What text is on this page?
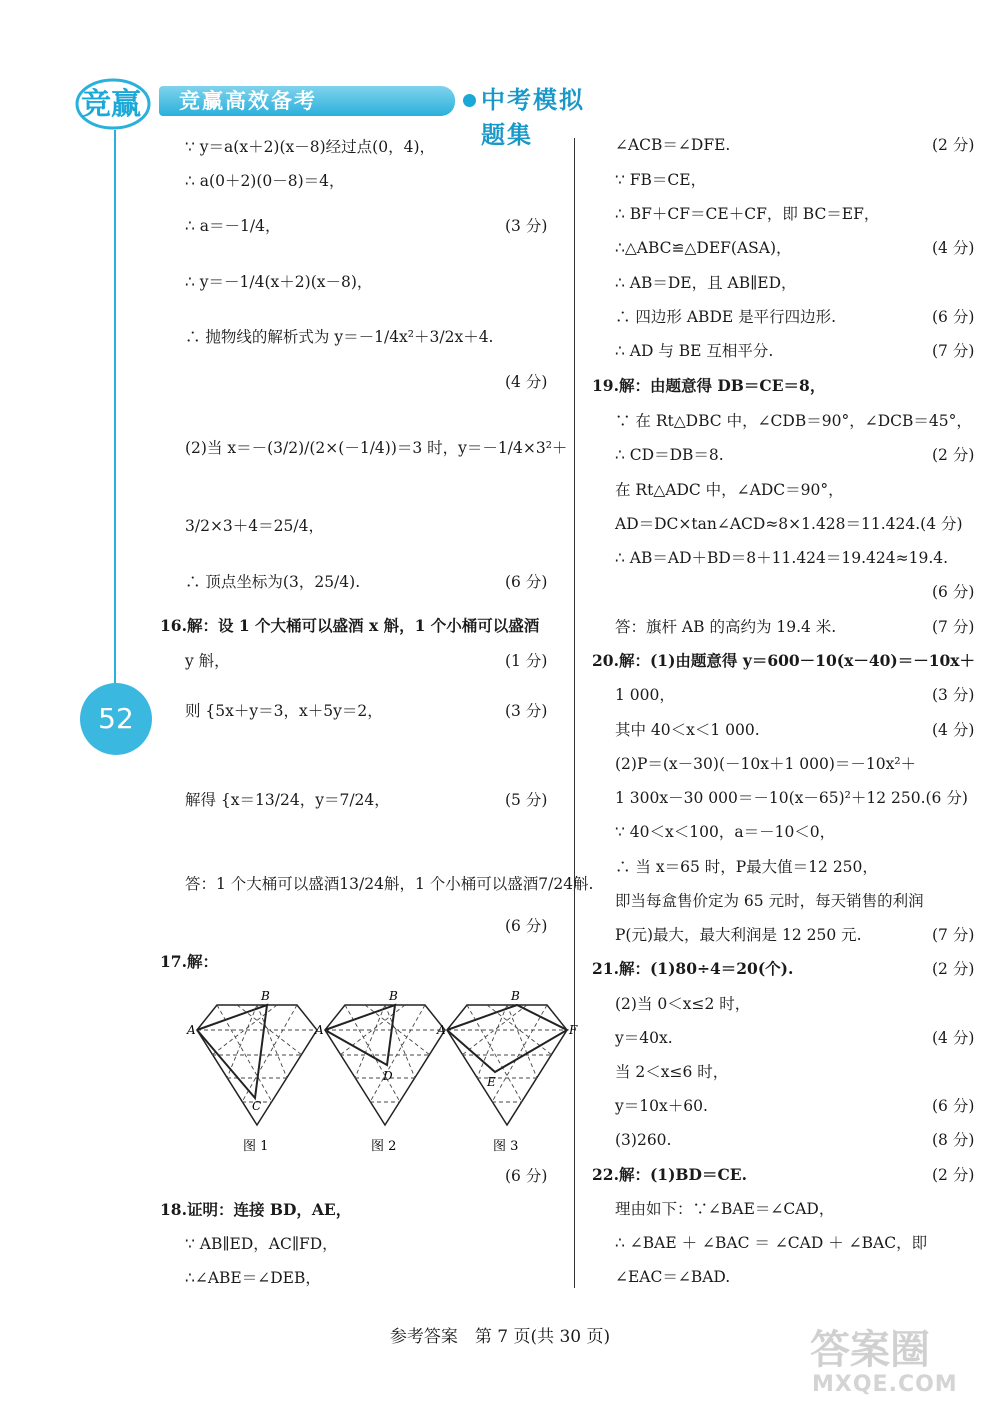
竞赢	竞赢高效备考	中考模拟题集
52
∵ y＝a(x＋2)(x－8)经过点(0，4)，
∴ a(0＋2)(0－8)＝4，
∴ a＝－1/4，	(3 分)
∴ y＝－1/4(x＋2)(x－8)，
∴ 抛物线的解析式为 y＝－1/4x²＋3/2x＋4.
(4 分)
(2)当 x＝－(3/2)/(2×(－1/4))＝3 时，y＝－1/4×3²＋
3/2×3＋4＝25/4，
∴ 顶点坐标为(3，25/4).	(6 分)
16.解：设 1 个大桶可以盛酒 x 斛，1 个小桶可以盛酒
y 斛，	(1 分)
则 {5x＋y＝3，x＋5y＝2，	(3 分)
解得 {x＝13/24，y＝7/24，	(5 分)
答：1 个大桶可以盛酒13/24斛，1 个小桶可以盛酒7/24斛.
(6 分)
17.解：
(6 分)
18.证明：连接 BD，AE，
∵ AB∥ED，AC∥FD，
∴∠ABE＝∠DEB，
∠ACB＝∠DFE.	(2 分)
∵ FB＝CE，
∴ BF＋CF＝CE＋CF，即 BC＝EF，
∴△ABC≌△DEF(ASA)，	(4 分)
∴ AB＝DE，且 AB∥ED，
∴ 四边形 ABDE 是平行四边形.	(6 分)
∴ AD 与 BE 互相平分.	(7 分)
19.解：由题意得 DB＝CE＝8，
∵ 在 Rt△DBC 中，∠CDB＝90°，∠DCB＝45°，
∴ CD＝DB＝8.	(2 分)
在 Rt△ADC 中，∠ADC＝90°，
AD＝DC×tan∠ACD≈8×1.428＝11.424.(4 分)
∴ AB＝AD＋BD＝8＋11.424＝19.424≈19.4.
(6 分)
答：旗杆 AB 的高约为 19.4 米.	(7 分)
20.解：(1)由题意得 y＝600－10(x－40)＝－10x＋
1 000，	(3 分)
其中 40＜x＜1 000.	(4 分)
(2)P＝(x－30)(－10x＋1 000)＝－10x²＋
1 300x－30 000＝－10(x－65)²＋12 250.(6 分)
∵ 40＜x＜100，a＝－10＜0，
∴ 当 x＝65 时，P最大值＝12 250，
即当每盒售价定为 65 元时，每天销售的利润
P(元)最大，最大利润是 12 250 元.	(7 分)
21.解：(1)80÷4＝20(个).	(2 分)
(2)当 0＜x≤2 时，
y＝40x.	(4 分)
当 2＜x≤6 时，
y＝10x＋60.	(6 分)
(3)260.	(8 分)
22.解：(1)BD＝CE.	(2 分)
理由如下：∵∠BAE＝∠CAD，
∴ ∠BAE ＋ ∠BAC ＝ ∠CAD ＋ ∠BAC，即
∠EAC＝∠BAD.
B
A
C
图 1
B
A
D
图 2
B
A	F
E
图 3
参考答案　第 7 页(共 30 页)	答案圈
MXQE.COM
